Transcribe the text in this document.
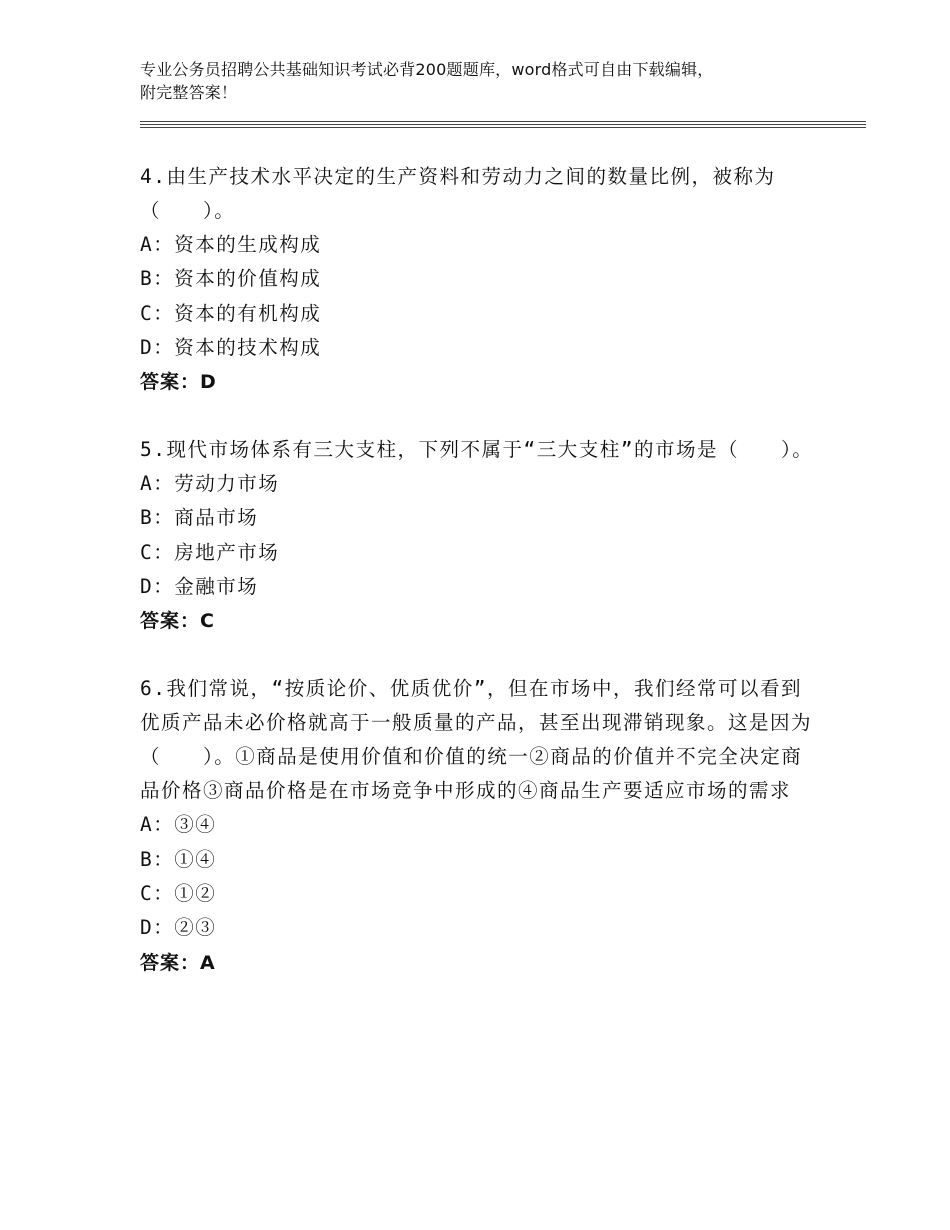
专业公务员招聘公共基础知识考试必背200题题库，word格式可自由下载编辑，
附完整答案！
4.由生产技术水平决定的生产资料和劳动力之间的数量比例，被称为（　　）。
A：资本的生成构成
B：资本的价值构成
C：资本的有机构成
D：资本的技术构成
答案：D
5.现代市场体系有三大支柱，下列不属于“三大支柱”的市场是（　　）。
A：劳动力市场
B：商品市场
C：房地产市场
D：金融市场
答案：C
6.我们常说，“按质论价、优质优价”，但在市场中，我们经常可以看到优质产品未必价格就高于一般质量的产品，甚至出现滞销现象。这是因为（　　）。①商品是使用价值和价值的统一②商品的价值并不完全决定商品价格③商品价格是在市场竞争中形成的④商品生产要适应市场的需求
A：③④
B：①④
C：①②
D：②③
答案：A
